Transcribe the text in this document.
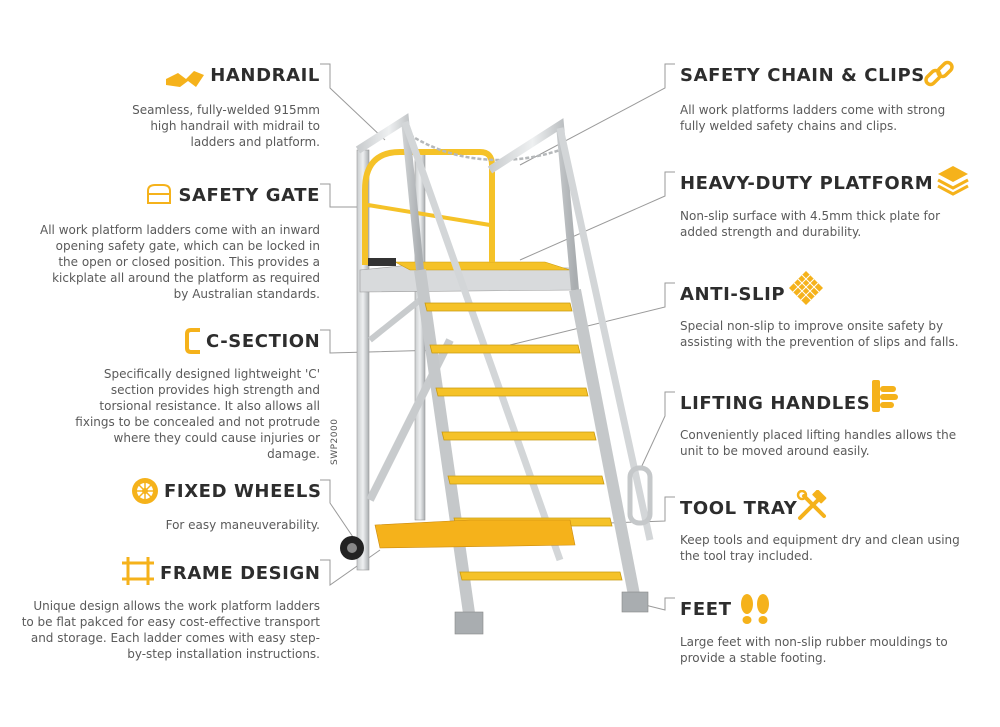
SWP2000
HANDRAIL
Seamless, fully-welded 915mm high handrail with midrail to ladders and platform.
SAFETY GATE
All work platform ladders come with an inward opening safety gate, which can be locked in the open or closed position. This provides a kickplate all around the platform as required by Australian standards.
C-SECTION
Specifically designed lightweight 'C' section provides high strength and torsional resistance. It also allows all fixings to be concealed and not protrude where they could cause injuries or damage.
FIXED WHEELS
For easy maneuverability.
FRAME DESIGN
Unique design allows the work platform ladders to be flat pakced for easy cost-effective transport and storage. Each ladder comes with easy step-by-step installation instructions.
SAFETY CHAIN & CLIPS
All work platforms ladders come with strong fully welded safety chains and clips.
HEAVY-DUTY PLATFORM
Non-slip surface with 4.5mm thick plate for added strength and durability.
ANTI-SLIP
Special non-slip to improve onsite safety by assisting with the prevention of slips and falls.
LIFTING HANDLES
Conveniently placed lifting handles allows the unit to be moved around easily.
TOOL TRAY
Keep tools and equipment dry and clean using the tool tray included.
FEET
Large feet with non-slip rubber mouldings to provide a stable footing.
